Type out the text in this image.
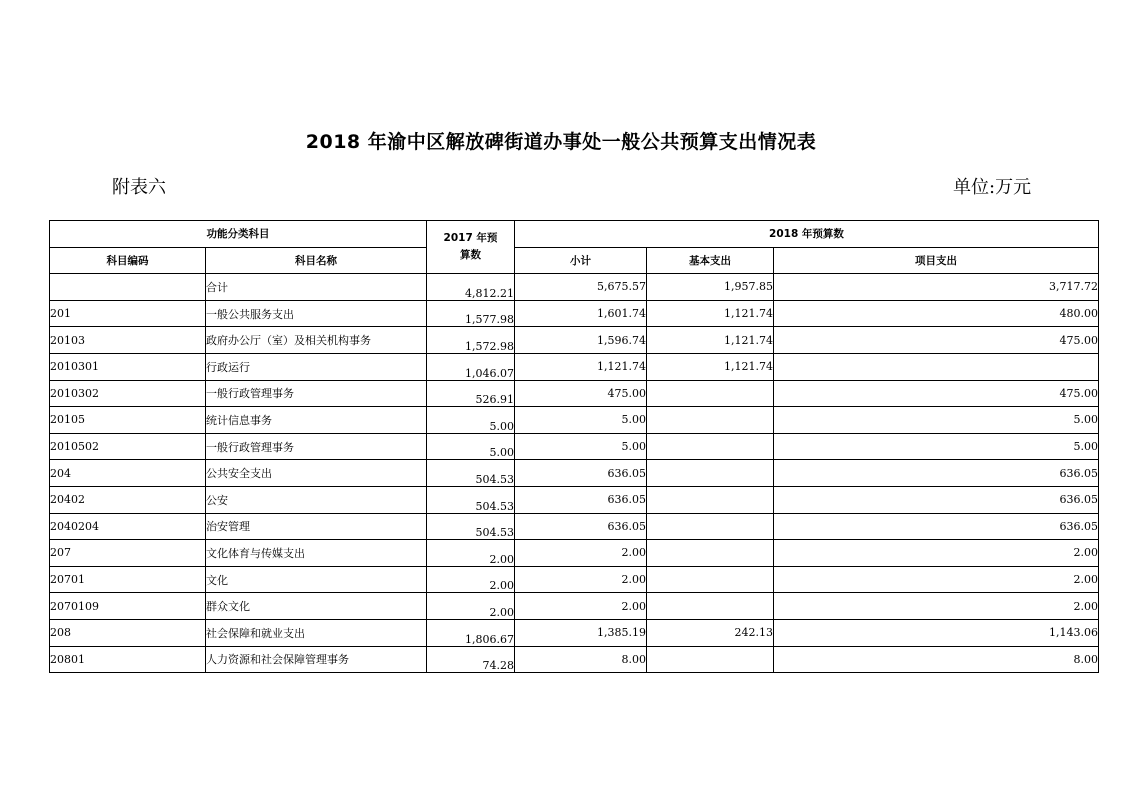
2018 年渝中区解放碑街道办事处一般公共预算支出情况表
附表六	单位:万元
功能分类科目		2017 年预算数	2018 年预算数		
科目编码	科目名称		小计	基本支出	项目支出
	合计	4,812.21	5,675.57	1,957.85	3,717.72
201	一般公共服务支出	1,577.98	1,601.74	1,121.74	480.00
20103	政府办公厅（室）及相关机构事务	1,572.98	1,596.74	1,121.74	475.00
2010301	行政运行	1,046.07	1,121.74	1,121.74	
2010302	一般行政管理事务	526.91	475.00		475.00
20105	统计信息事务	5.00	5.00		5.00
2010502	一般行政管理事务	5.00	5.00		5.00
204	公共安全支出	504.53	636.05		636.05
20402	公安	504.53	636.05		636.05
2040204	治安管理	504.53	636.05		636.05
207	文化体育与传媒支出	2.00	2.00		2.00
20701	文化	2.00	2.00		2.00
2070109	群众文化	2.00	2.00		2.00
208	社会保障和就业支出	1,806.67	1,385.19	242.13	1,143.06
20801	人力资源和社会保障管理事务	74.28	8.00		8.00
